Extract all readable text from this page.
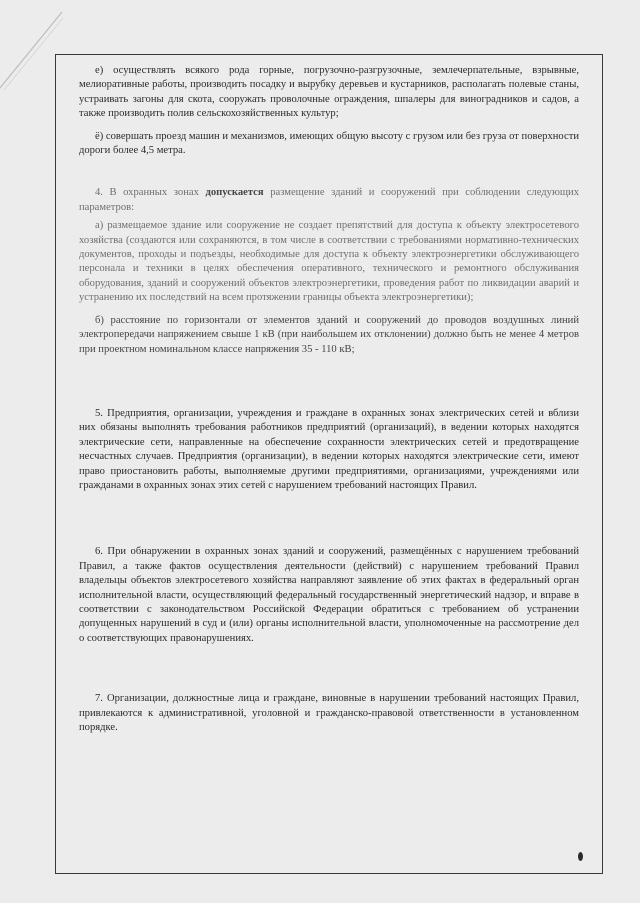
е) осуществлять всякого рода горные, погрузочно-разгрузочные, землечерпательные, взрывные, мелиоративные работы, производить посадку и вырубку деревьев и кустарников, располагать полевые станы, устраивать загоны для скота, сооружать проволочные ограждения, шпалеры для виноградников и садов, а также производить полив сельскохозяйственных культур;

ё) совершать проезд машин и механизмов, имеющих общую высоту с грузом или без груза от поверхности дороги более 4,5 метра.

4. В охранных зонах допускается размещение зданий и сооружений при соблюдении следующих параметров:

а) размещаемое здание или сооружение не создает препятствий для доступа к объекту электросетевого хозяйства (создаются или сохраняются, в том числе в соответствии с требованиями нормативно-технических документов, проходы и подъезды, необходимые для доступа к объекту электроэнергетики обслуживающего персонала и техники в целях обеспечения оперативного, технического и ремонтного обслуживания оборудования, зданий и сооружений объектов электроэнергетики, проведения работ по ликвидации аварий и устранению их последствий на всем протяжении границы объекта электроэнергетики);

б) расстояние по горизонтали от элементов зданий и сооружений до проводов воздушных линий электропередачи напряжением свыше 1 кВ (при наибольшем их отклонении) должно быть не менее 4 метров при проектном номинальном классе напряжения 35 - 110 кВ;

5. Предприятия, организации, учреждения и граждане в охранных зонах электрических сетей и вблизи них обязаны выполнять требования работников предприятий (организаций), в ведении которых находятся электрические сети, направленные на обеспечение сохранности электрических сетей и предотвращение несчастных случаев. Предприятия (организации), в ведении которых находятся электрические сети, имеют право приостановить работы, выполняемые другими предприятиями, организациями, учреждениями или гражданами в охранных зонах этих сетей с нарушением требований настоящих Правил.

6. При обнаружении в охранных зонах зданий и сооружений, размещённых с нарушением требований Правил, а также фактов осуществления деятельности (действий) с нарушением требований Правил владельцы объектов электросетевого хозяйства направляют заявление об этих фактах в федеральный орган исполнительной власти, осуществляющий федеральный государственный энергетический надзор, и вправе в соответствии с законодательством Российской Федерации обратиться с требованием об устранении допущенных нарушений в суд и (или) органы исполнительной власти, уполномоченные на рассмотрение дел о соответствующих правонарушениях.

7. Организации, должностные лица и граждане, виновные в нарушении требований настоящих Правил, привлекаются к административной, уголовной и гражданско-правовой ответственности в установленном порядке.
